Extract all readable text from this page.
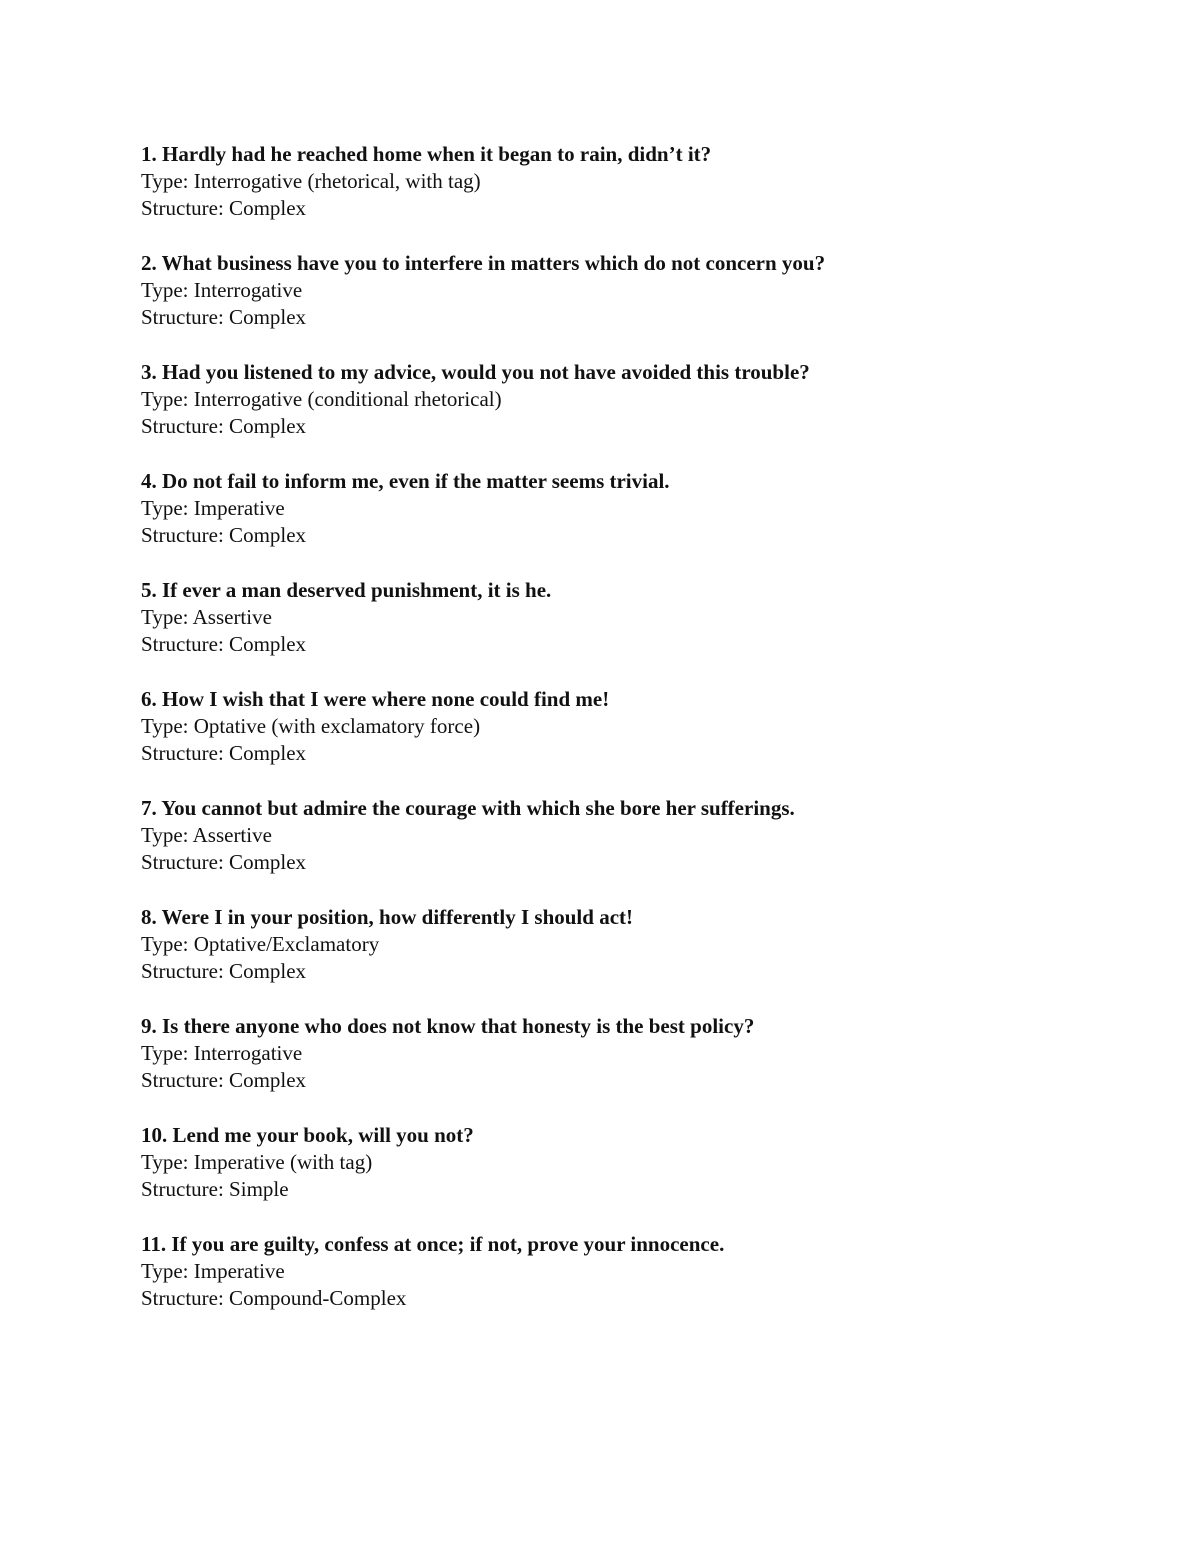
1. Hardly had he reached home when it began to rain, didn’t it?
Type: Interrogative (rhetorical, with tag)
Structure: Complex
2. What business have you to interfere in matters which do not concern you?
Type: Interrogative
Structure: Complex
3. Had you listened to my advice, would you not have avoided this trouble?
Type: Interrogative (conditional rhetorical)
Structure: Complex
4. Do not fail to inform me, even if the matter seems trivial.
Type: Imperative
Structure: Complex
5. If ever a man deserved punishment, it is he.
Type: Assertive
Structure: Complex
6. How I wish that I were where none could find me!
Type: Optative (with exclamatory force)
Structure: Complex
7. You cannot but admire the courage with which she bore her sufferings.
Type: Assertive
Structure: Complex
8. Were I in your position, how differently I should act!
Type: Optative/Exclamatory
Structure: Complex
9. Is there anyone who does not know that honesty is the best policy?
Type: Interrogative
Structure: Complex
10. Lend me your book, will you not?
Type: Imperative (with tag)
Structure: Simple
11. If you are guilty, confess at once; if not, prove your innocence.
Type: Imperative
Structure: Compound-Complex
